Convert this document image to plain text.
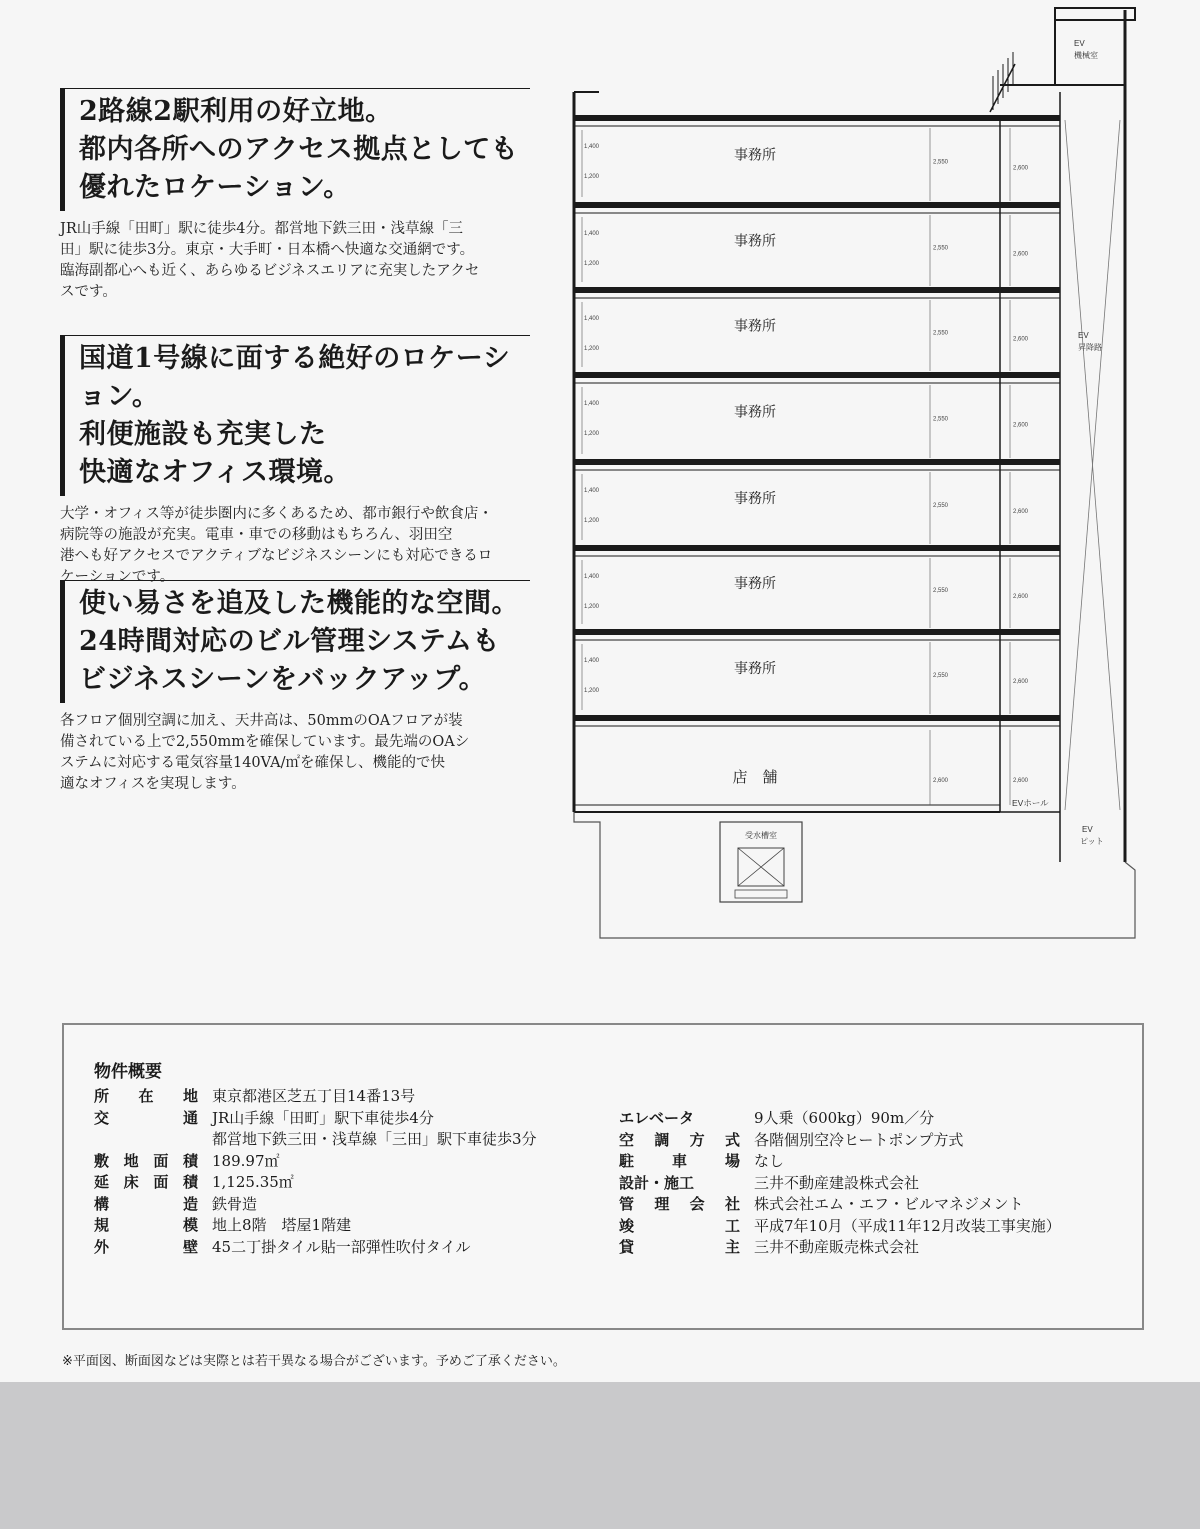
2路線2駅利用の好立地。
都内各所へのアクセス拠点としても
優れたロケーション。

JR山手線「田町」駅に徒歩4分。都営地下鉄三田・浅草線「三
田」駅に徒歩3分。東京・大手町・日本橋へ快適な交通網です。
臨海副都心へも近く、あらゆるビジネスエリアに充実したアクセ
スです。

国道1号線に面する絶好のロケーション。
利便施設も充実した
快適なオフィス環境。

大学・オフィス等が徒歩圏内に多くあるため、都市銀行や飲食店・
病院等の施設が充実。電車・車での移動はもちろん、羽田空
港へも好アクセスでアクティブなビジネスシーンにも対応できるロ
ケーションです。

使い易さを追及した機能的な空間。
24時間対応のビル管理システムも
ビジネスシーンをバックアップ。

各フロア個別空調に加え、天井高は、50mmのOAフロアが装
備されている上で2,550mmを確保しています。最先端のOAシ
ステムに対応する電気容量140VA/㎡を確保し、機能的で快
適なオフィスを実現します。

事務所
1,400
1,200
2,550
2,600
事務所
1,400
1,200
2,550
2,600
事務所
1,400
1,200
2,550
2,600
事務所
1,400
1,200
2,550
2,600
事務所
1,400
1,200
2,550
2,600
事務所
1,400
1,200
2,550
2,600
事務所
1,400
1,200
2,550
2,600
店　舗	2,600	2,600
受水槽室
EV
機械室
EV
昇降路
EVホール
EV
ピット
物件概要
所 在 地 東京都港区芝五丁目14番13号
交	通 JR山手線「田町」駅下車徒歩4分
都営地下鉄三田・浅草線「三田」駅下車徒歩3分
敷 地 面 積 189.97㎡
延 床 面 積 1,125.35㎡
構	造 鉄骨造
規	模 地上8階　塔屋1階建
外	壁 45二丁掛タイル貼一部弾性吹付タイル
エレベータ	9人乗（600kg）90m／分
空 調 方 式 各階個別空冷ヒートポンプ方式
駐	車	場 なし
設計・施工	三井不動産建設株式会社
管 理 会 社 株式会社エム・エフ・ビルマネジメント
竣	工 平成7年10月（平成11年12月改装工事実施）
貸	主 三井不動産販売株式会社
※平面図、断面図などは実際とは若干異なる場合がございます。予めご了承ください。
